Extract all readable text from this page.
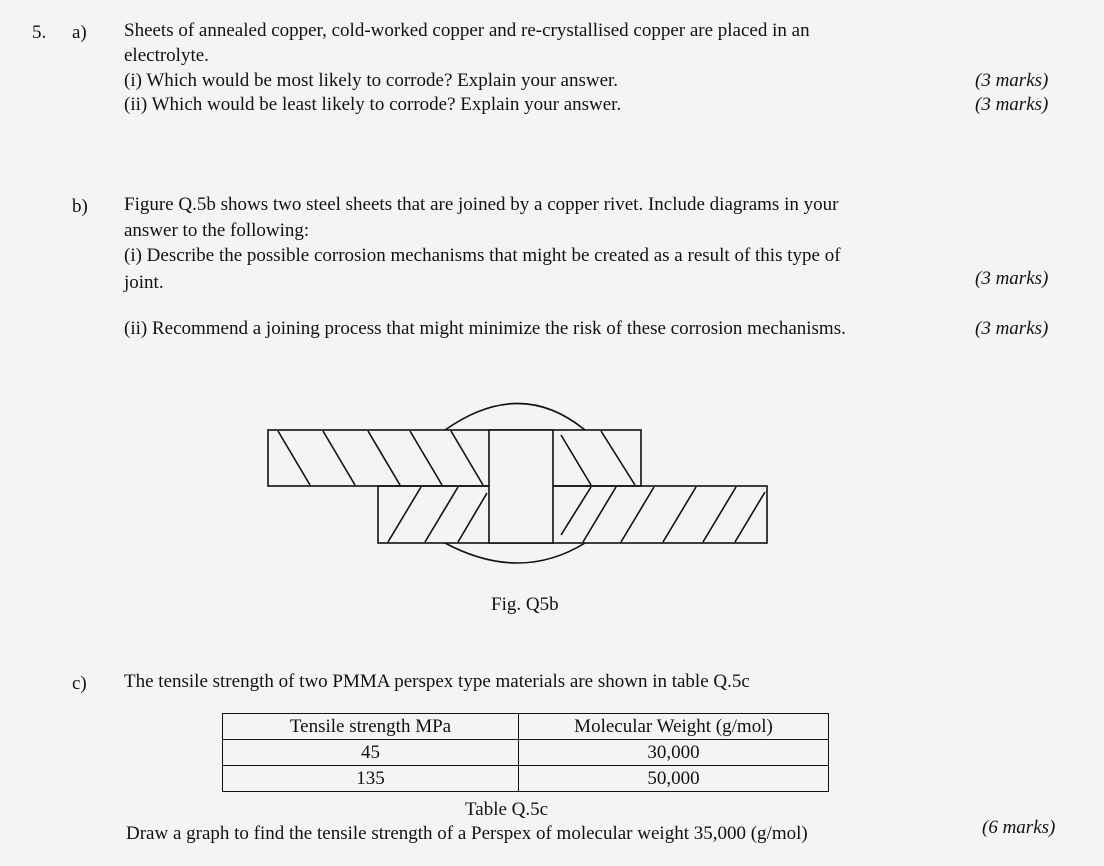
5. a) Sheets of annealed copper, cold-worked copper and re-crystallised copper are placed in an
electrolyte.
(i) Which would be most likely to corrode? Explain your answer.	(3 marks)
(ii) Which would be least likely to corrode? Explain your answer.	(3 marks)
b) Figure Q.5b shows two steel sheets that are joined by a copper rivet. Include diagrams in your
answer to the following:
(i) Describe the possible corrosion mechanisms that might be created as a result of this type of
joint.	(3 marks)
(ii) Recommend a joining process that might minimize the risk of these corrosion mechanisms.	(3 marks)
Fig. Q5b
c) The tensile strength of two PMMA perspex type materials are shown in table Q.5c
Tensile strength MPa	Molecular Weight (g/mol)
45	30,000
135	50,000
Table Q.5c
Draw a graph to find the tensile strength of a Perspex of molecular weight 35,000 (g/mol)	(6 marks)
